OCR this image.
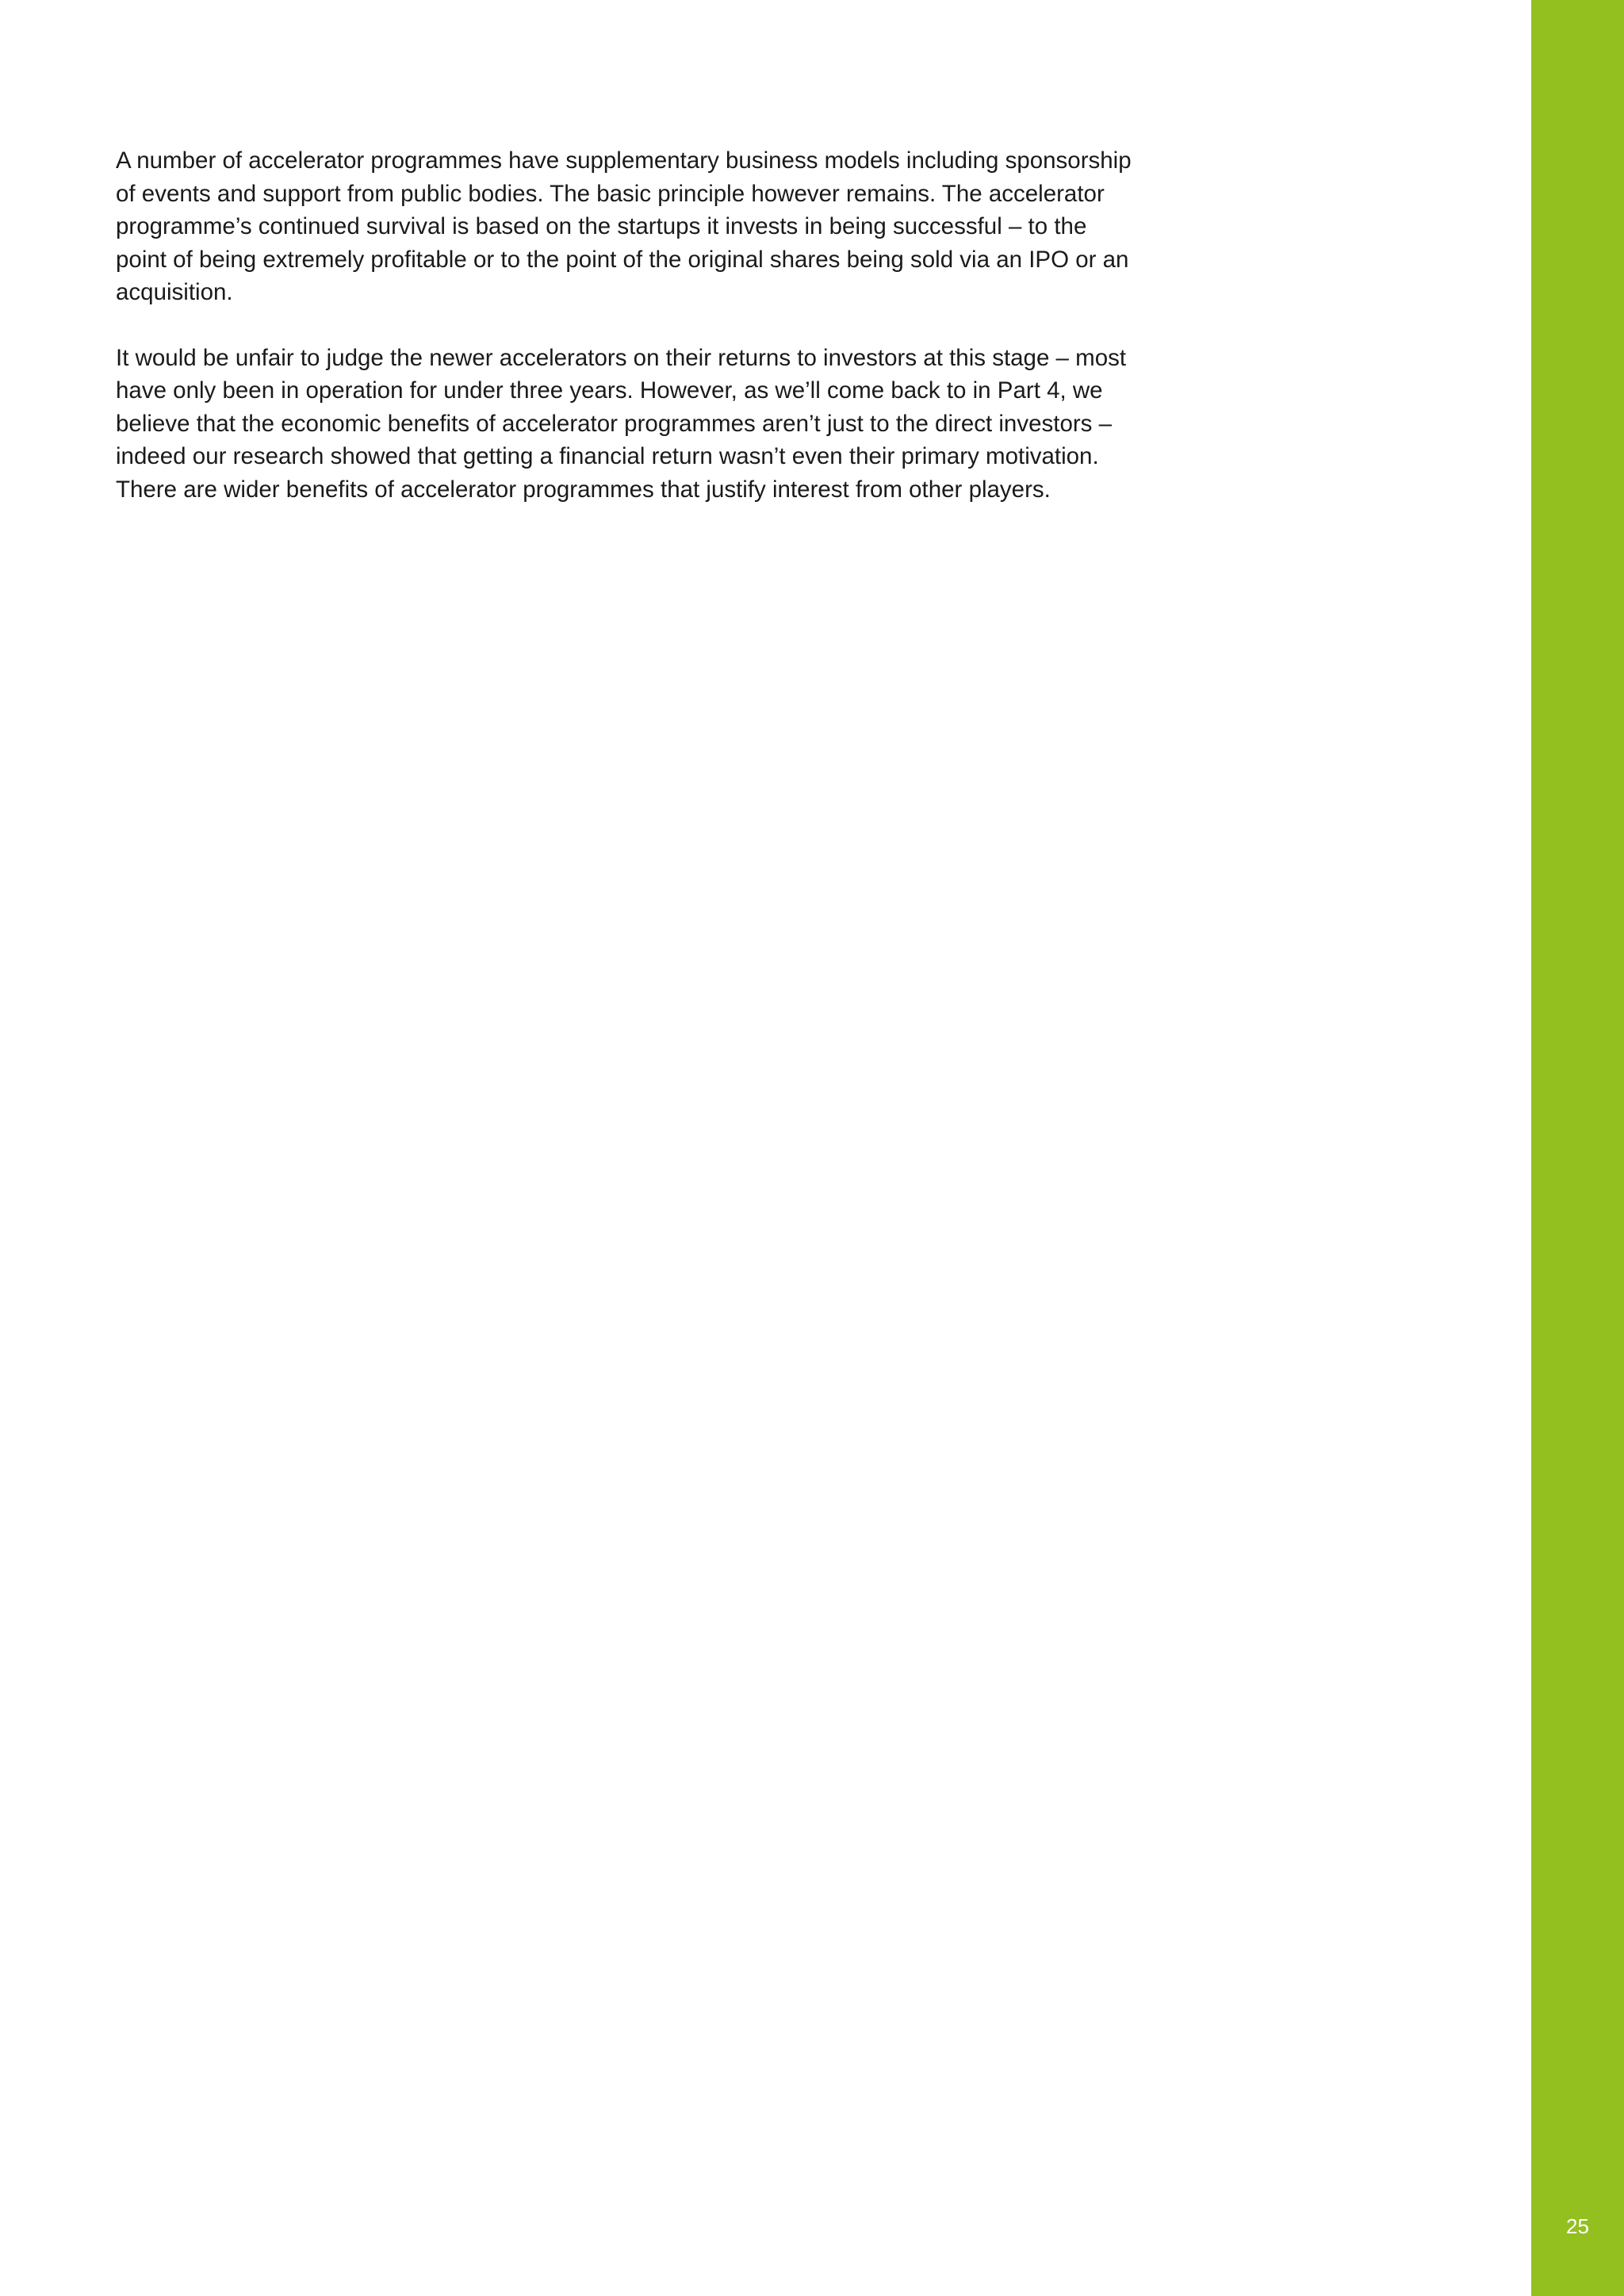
A number of accelerator programmes have supplementary business models including sponsorship
of events and support from public bodies. The basic principle however remains. The accelerator
programme’s continued survival is based on the startups it invests in being successful – to the
point of being extremely profitable or to the point of the original shares being sold via an IPO or an
acquisition.

It would be unfair to judge the newer accelerators on their returns to investors at this stage – most
have only been in operation for under three years. However, as we’ll come back to in Part 4, we
believe that the economic benefits of accelerator programmes aren’t just to the direct investors –
indeed our research showed that getting a financial return wasn’t even their primary motivation.
There are wider benefits of accelerator programmes that justify interest from other players.

25
